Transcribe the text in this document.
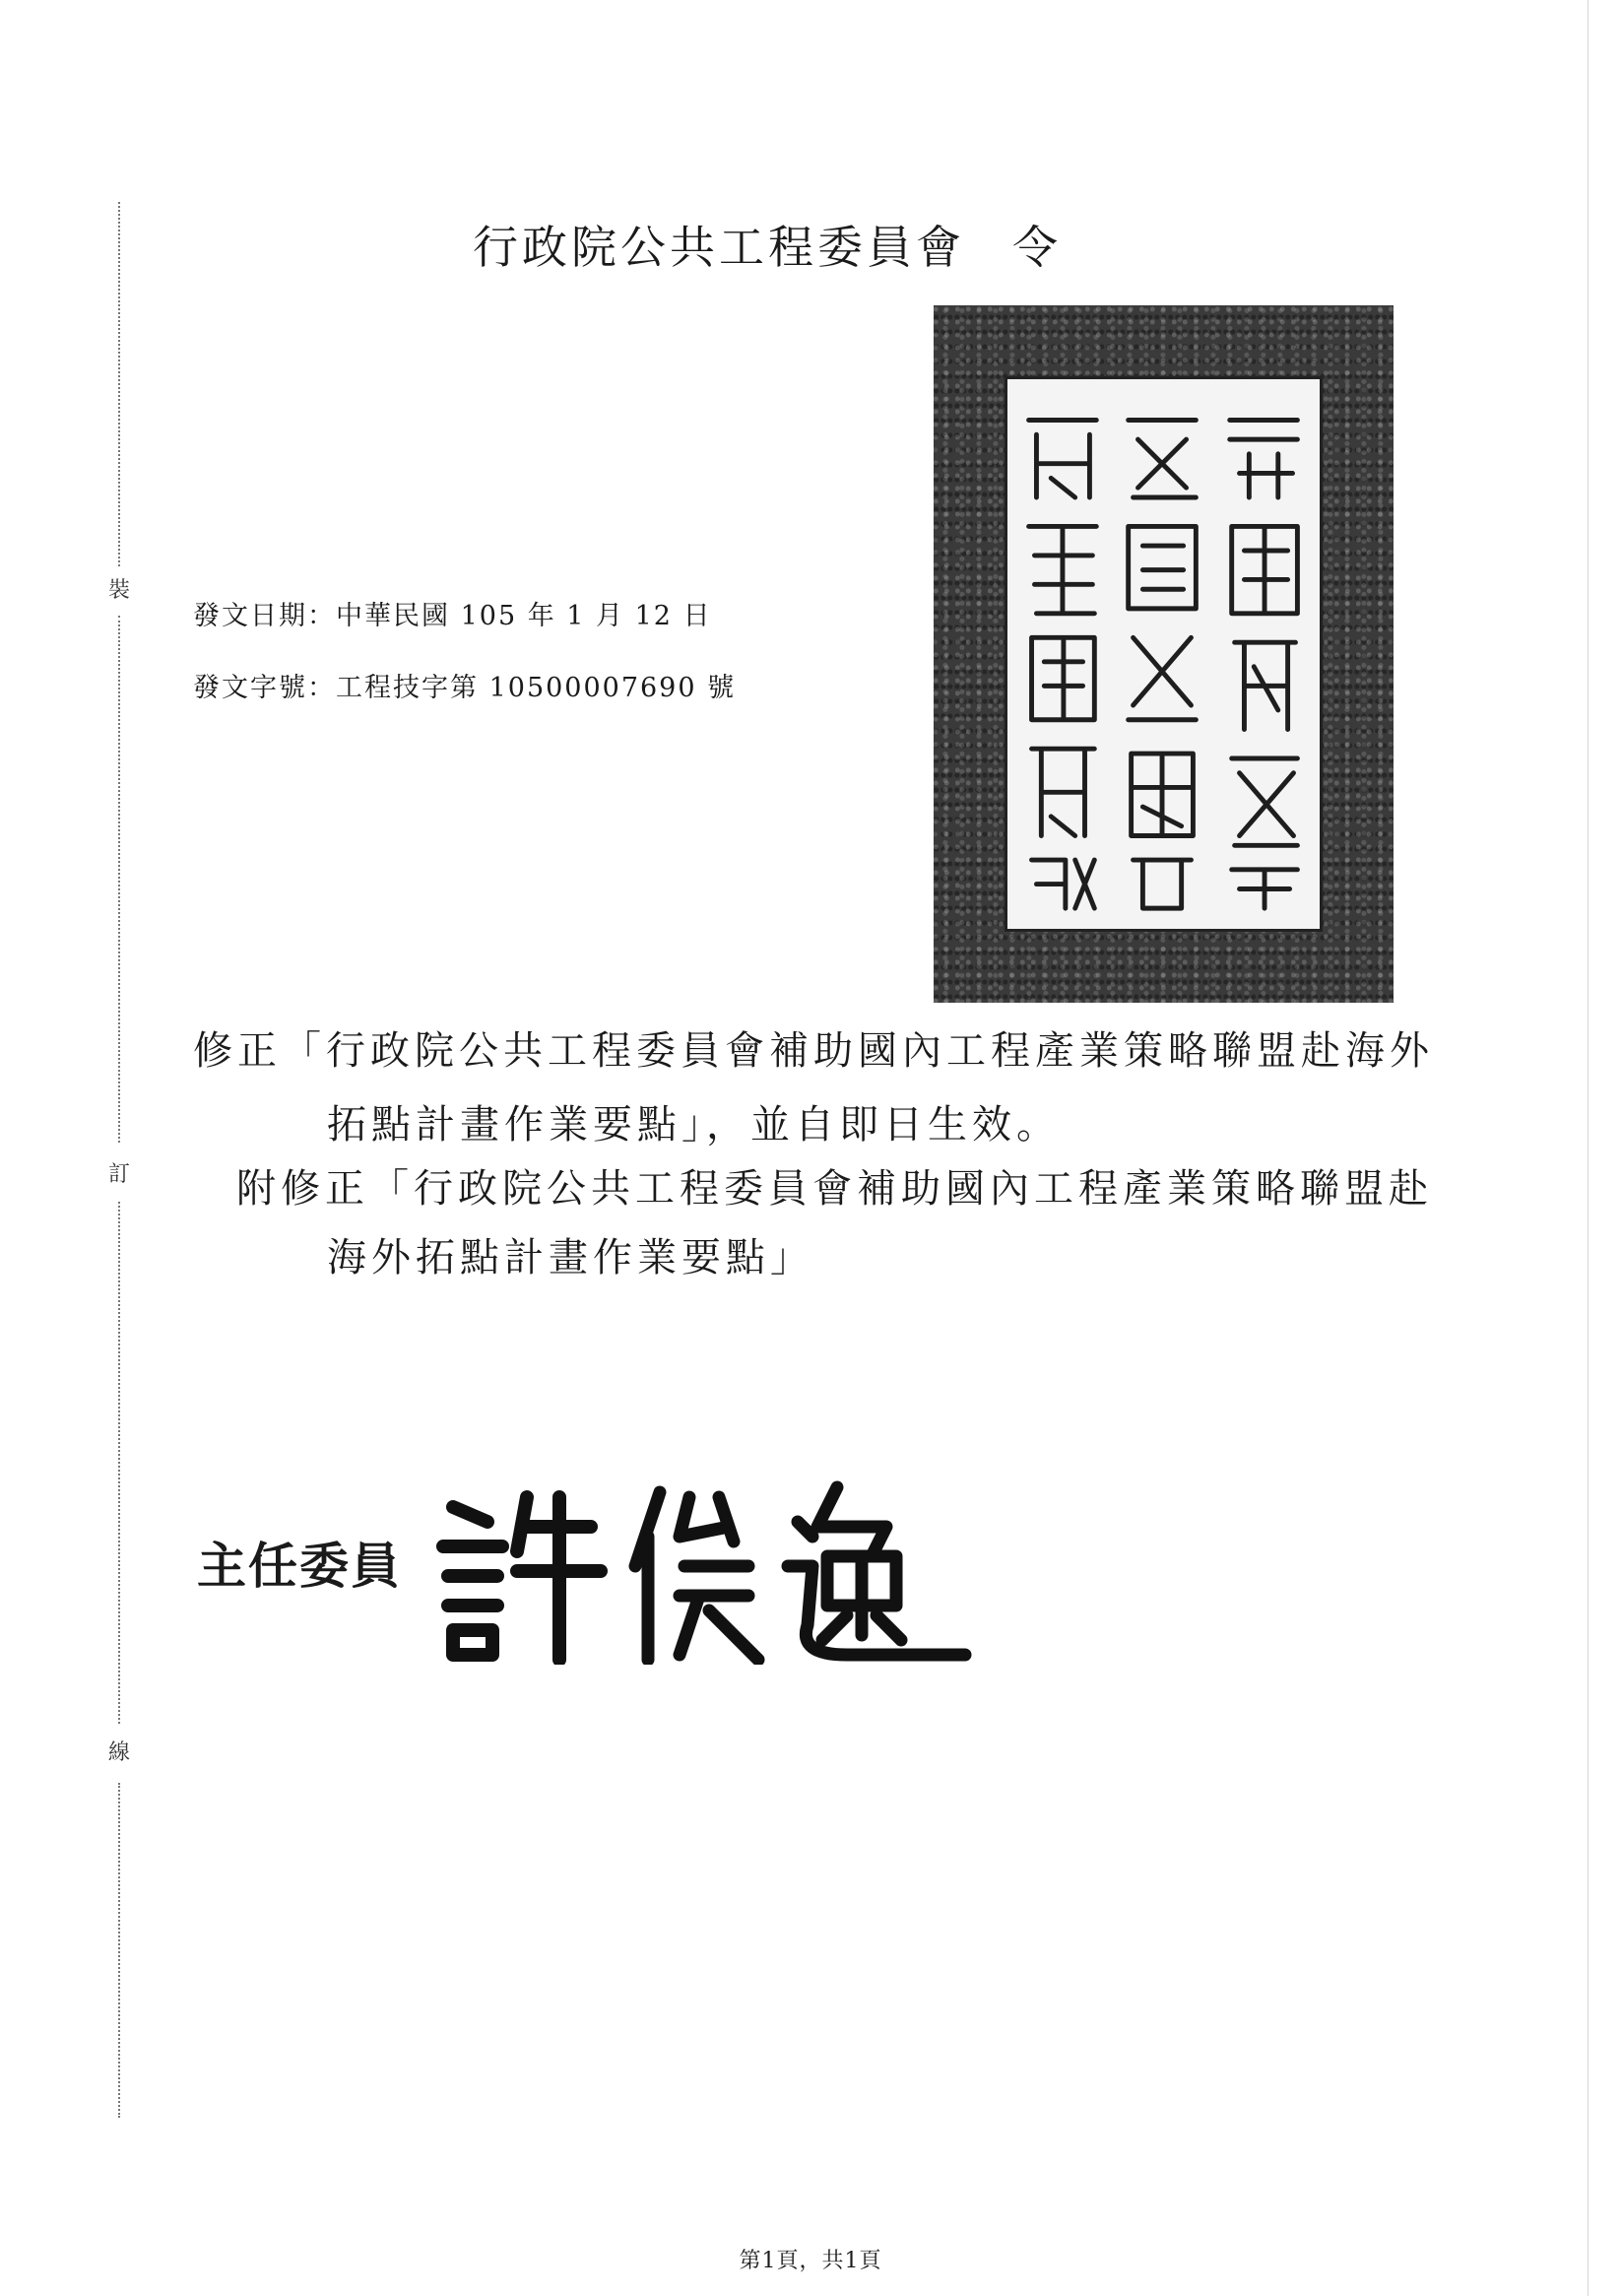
裝
訂
線
行政院公共工程委員會 令
發文日期：中華民國 105 年 1 月 12 日
發文字號：工程技字第 10500007690 號
修正「行政院公共工程委員會補助國內工程產業策略聯盟赴海外
拓點計畫作業要點」，並自即日生效。
附修正「行政院公共工程委員會補助國內工程產業策略聯盟赴
海外拓點計畫作業要點」
主任委員
第1頁，共1頁
